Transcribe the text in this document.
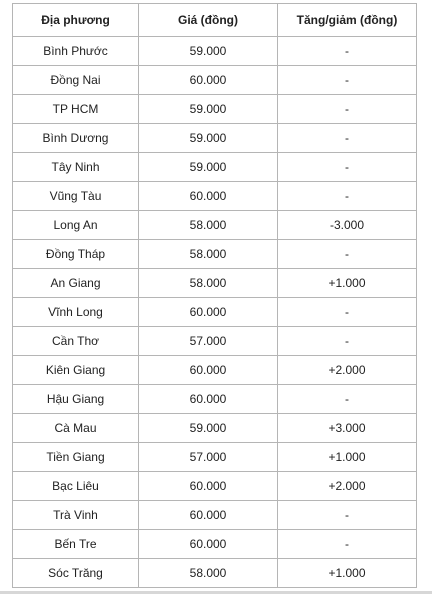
Địa phương	Giá (đồng)	Tăng/giảm (đồng)
Bình Phước	59.000	-
Đồng Nai	60.000	-
TP HCM	59.000	-
Bình Dương	59.000	-
Tây Ninh	59.000	-
Vũng Tàu	60.000	-
Long An	58.000	-3.000
Đồng Tháp	58.000	-
An Giang	58.000	+1.000
Vĩnh Long	60.000	-
Cần Thơ	57.000	-
Kiên Giang	60.000	+2.000
Hậu Giang	60.000	-
Cà Mau	59.000	+3.000
Tiền Giang	57.000	+1.000
Bạc Liêu	60.000	+2.000
Trà Vinh	60.000	-
Bến Tre	60.000	-
Sóc Trăng	58.000	+1.000
